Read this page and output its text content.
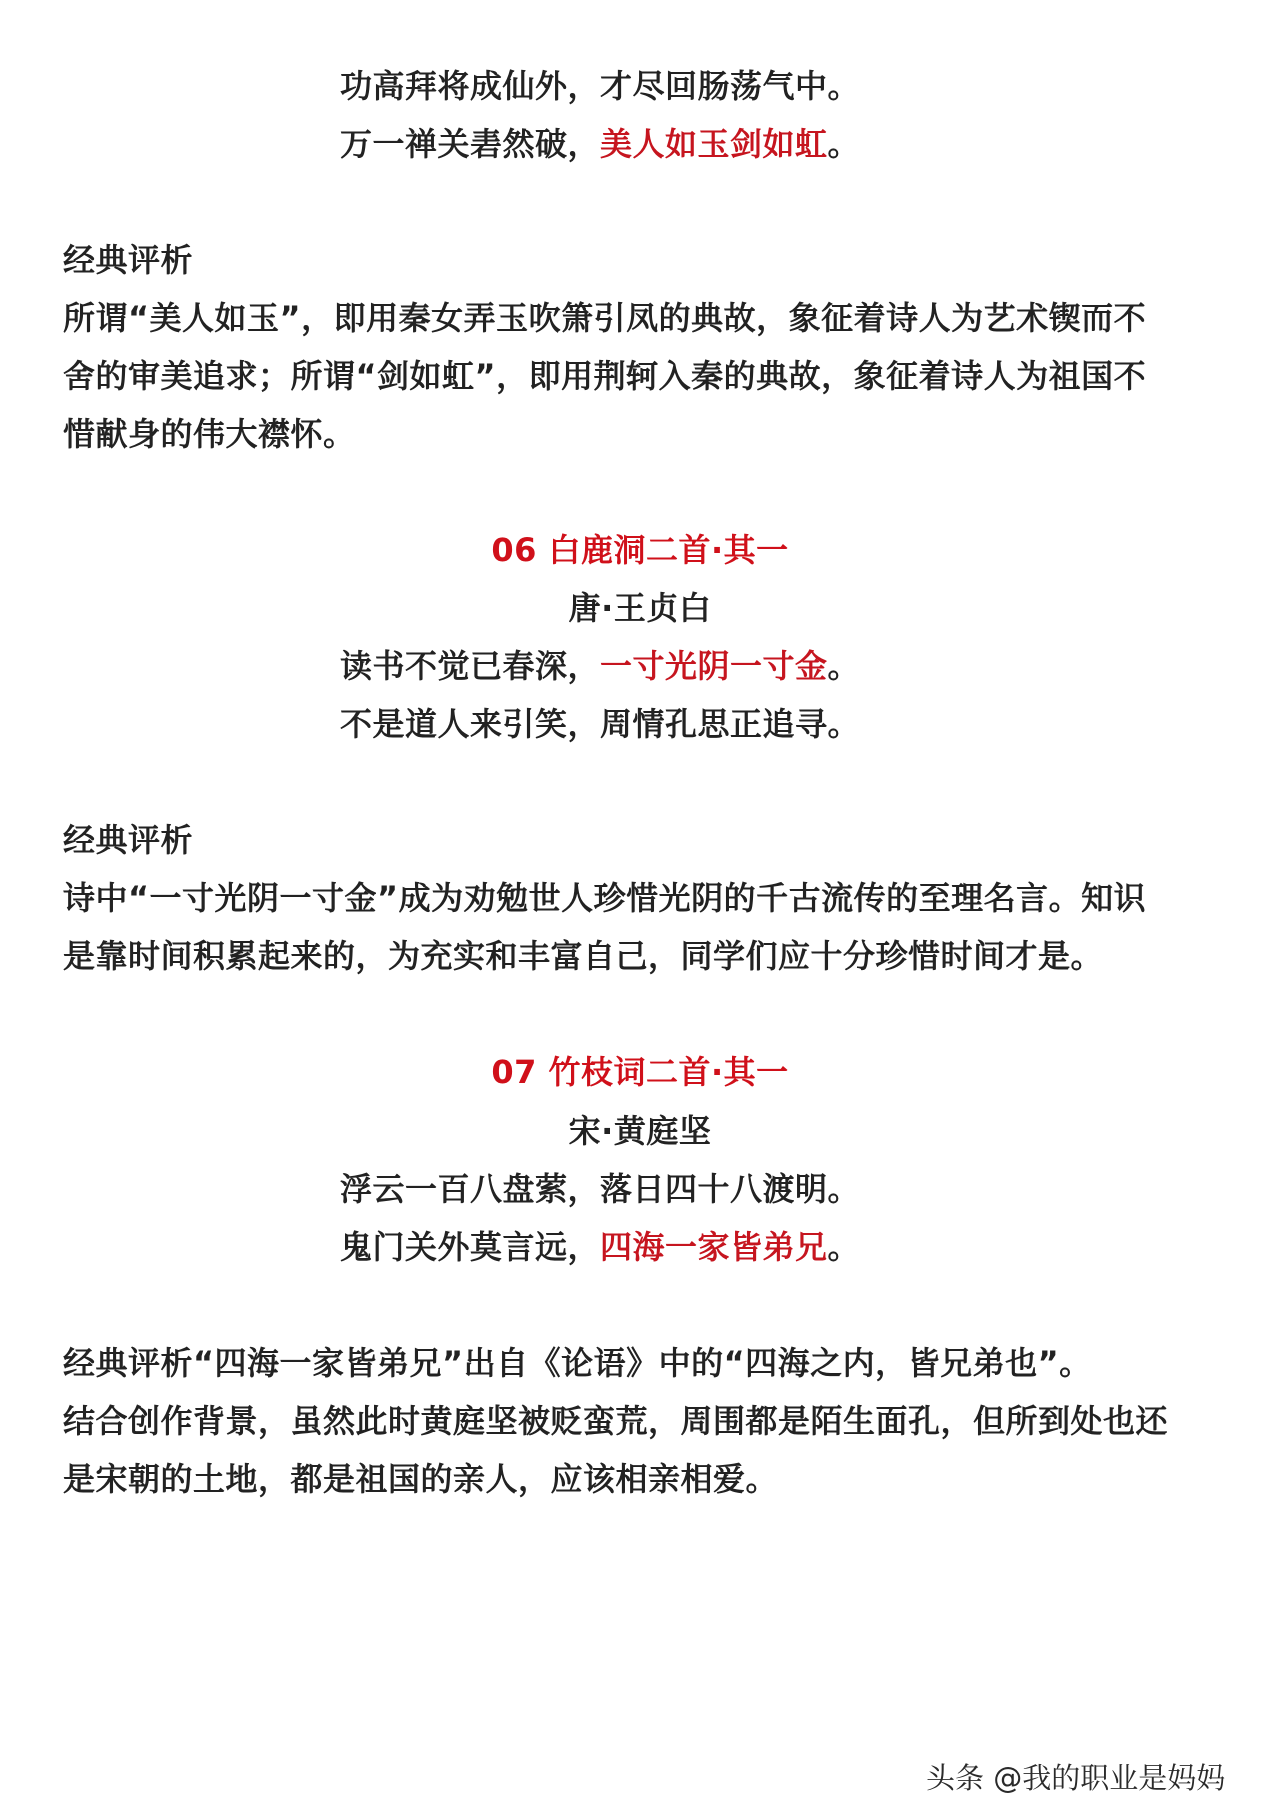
功高拜将成仙外，才尽回肠荡气中。
万一禅关砉然破，美人如玉剑如虹。
经典评析
所谓“美人如玉”，即用秦女弄玉吹箫引凤的典故，象征着诗人为艺术锲而不
舍的审美追求；所谓“剑如虹”，即用荆轲入秦的典故，象征着诗人为祖国不
惜献身的伟大襟怀。
06 白鹿洞二首·其一
唐·王贞白
读书不觉已春深，一寸光阴一寸金。
不是道人来引笑，周情孔思正追寻。
经典评析
诗中“一寸光阴一寸金”成为劝勉世人珍惜光阴的千古流传的至理名言。知识
是靠时间积累起来的，为充实和丰富自己，同学们应十分珍惜时间才是。
07 竹枝词二首·其一
宋·黄庭坚
浮云一百八盘萦，落日四十八渡明。
鬼门关外莫言远，四海一家皆弟兄。
经典评析“四海一家皆弟兄”出自《论语》中的“四海之内，皆兄弟也”。
结合创作背景，虽然此时黄庭坚被贬蛮荒，周围都是陌生面孔，但所到处也还
是宋朝的土地，都是祖国的亲人，应该相亲相爱。
头条 @我的职业是妈妈
